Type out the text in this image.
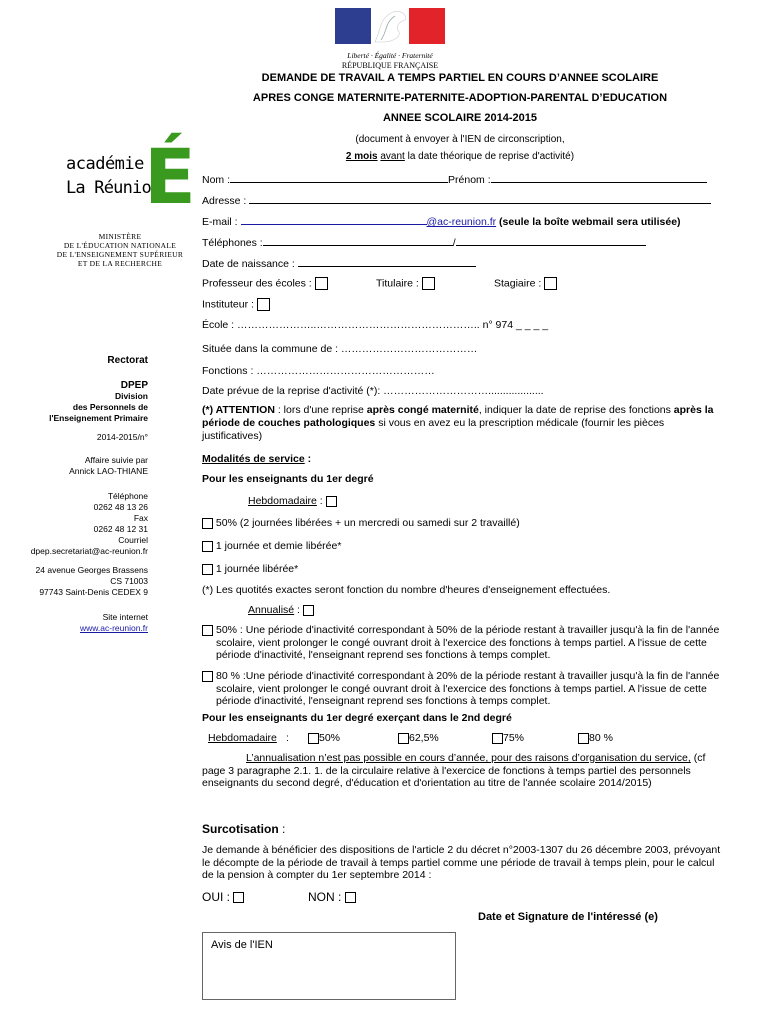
Liberté · Égalité · Fraternité
RÉPUBLIQUE FRANÇAISE
académie
La Réunion
É
MINISTÈRE
DE L'ÉDUCATION NATIONALE
DE L'ENSEIGNEMENT SUPÉRIEUR
ET DE LA RECHERCHE
Rectorat
DPEP
Division
des Personnels de
l'Enseignement Primaire
2014-2015/n°
Affaire suivie par
Annick LAO-THIANE
Téléphone
0262 48 13 26
Fax
0262 48 12 31
Courriel
dpep.secretariat@ac-reunion.fr
24 avenue Georges Brassens
CS 71003
97743 Saint-Denis CEDEX 9
Site internet
www.ac-reunion.fr
DEMANDE DE TRAVAIL A TEMPS PARTIEL EN COURS D’ANNEE SCOLAIRE
APRES CONGE MATERNITE-PATERNITE-ADOPTION-PARENTAL D’EDUCATION
ANNEE SCOLAIRE 2014-2015
(document à envoyer à l'IEN de circonscription,
2 mois avant la date théorique de reprise d'activité)
Nom :	Prénom :
Adresse :
E-mail :	@ac-reunion.fr (seule la boîte webmail sera utilisée)
Téléphones :	/
Date de naissance :
Professeur des écoles :	Titulaire :	Stagiaire :
Instituteur :
École : …………………..……………………………………….. n° 974 _ _ _ _
Située dans la commune de : …………………………………
Fonctions : ……………………………………………
Date prévue de la reprise d'activité (*): …………………………...................
(*) ATTENTION : lors d'une reprise après congé maternité, indiquer la date de reprise des fonctions après la période de couches pathologiques si vous en avez eu la prescription médicale (fournir les pièces justificatives)
Modalités de service :
Pour les enseignants du 1er degré
Hebdomadaire :
50% (2 journées libérées + un mercredi ou samedi sur 2 travaillé)
1 journée et demie libérée*
1 journée libérée*
(*) Les quotités exactes seront fonction du nombre d'heures d'enseignement effectuées.
Annualisé :
50% : Une période d'inactivité correspondant à 50% de la période restant à travailler jusqu'à la fin de l'année scolaire, vient prolonger le congé ouvrant droit à l'exercice des fonctions à temps partiel. A l'issue de cette période d'inactivité, l'enseignant reprend ses fonctions à temps complet.
80 % :Une période d'inactivité correspondant à 20% de la période restant à travailler jusqu'à la fin de l'année scolaire, vient prolonger le congé ouvrant droit à l'exercice des fonctions à temps partiel. A l'issue de cette période d'inactivité, l'enseignant reprend ses fonctions à temps complet.
Pour les enseignants du 1er degré exerçant dans le 2nd degré
Hebdomadaire :	50%	62,5%	75%	80 %
L’annualisation n’est pas possible en cours d’année, pour des raisons d’organisation du service, (cf page 3 paragraphe 2.1. 1. de la circulaire relative à l'exercice de fonctions à temps partiel des personnels enseignants du second degré, d'éducation et d'orientation au titre de l'année scolaire 2014/2015)
Surcotisation :
Je demande à bénéficier des dispositions de l'article 2 du décret n°2003-1307 du 26 décembre 2003, prévoyant le décompte de la période de travail à temps partiel comme une période de travail à temps plein, pour le calcul de la pension à compter du 1er septembre 2014 :
OUI :	NON :
Date et Signature de l'intéressé (e)
Avis de l'IEN
